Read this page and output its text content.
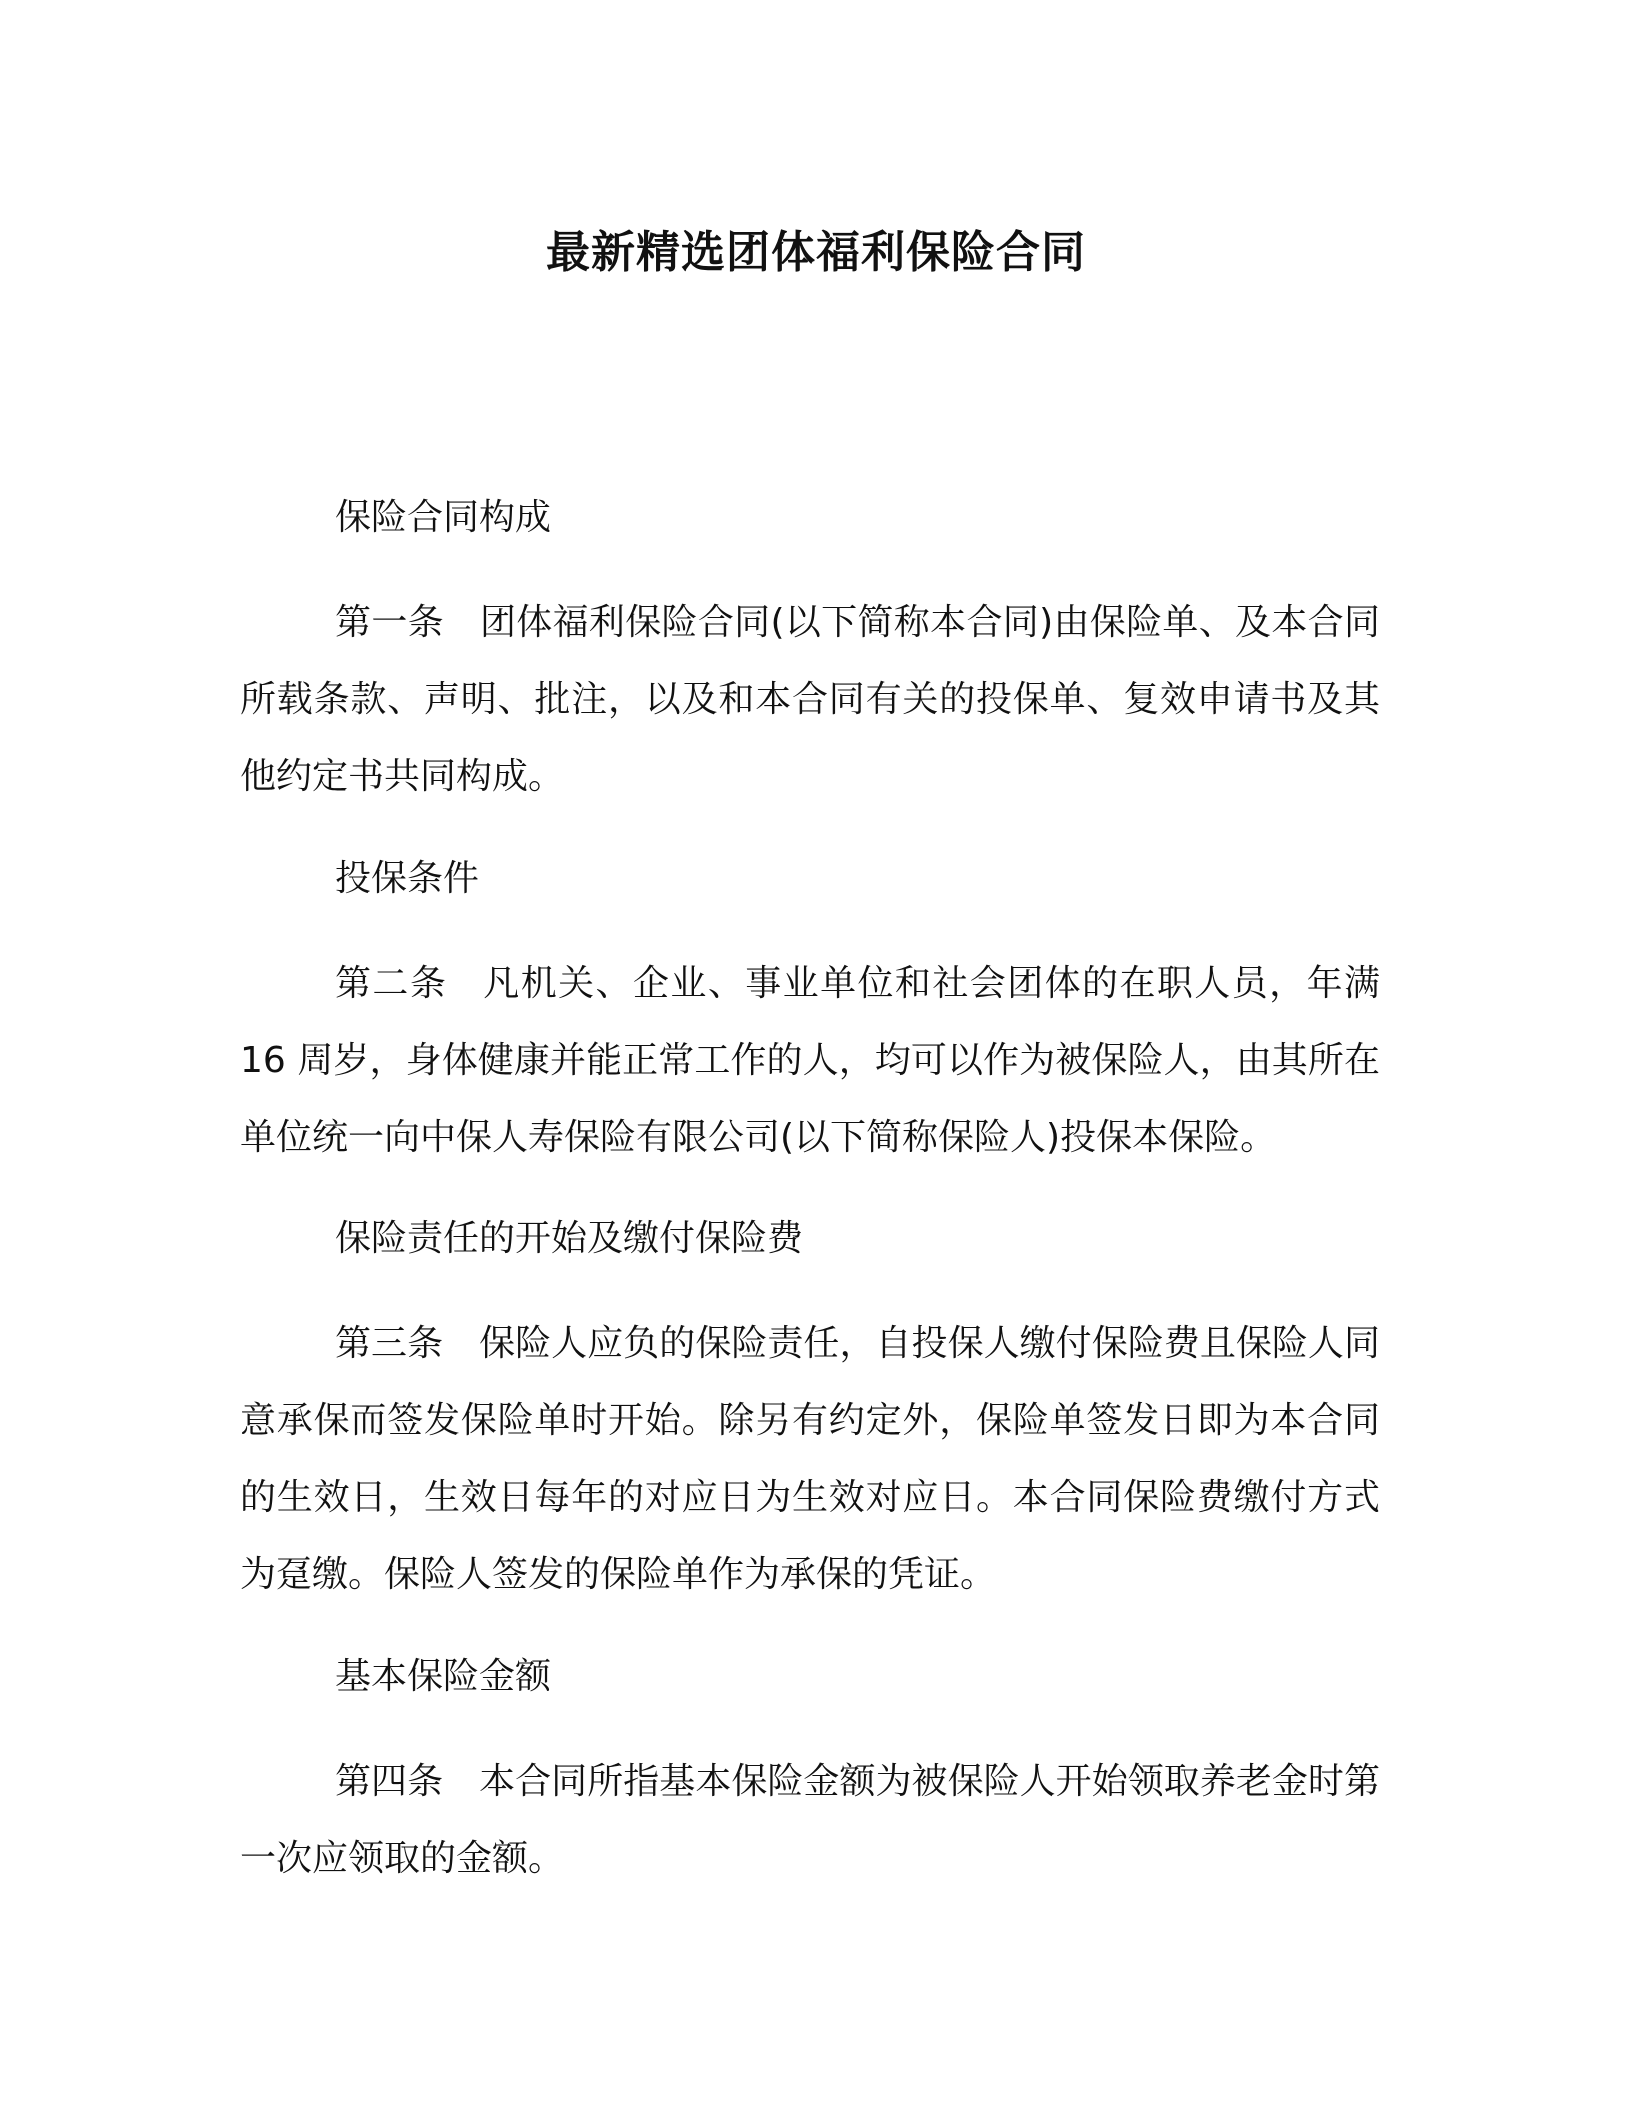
最新精选团体福利保险合同
保险合同构成
第一条 团体福利保险合同(以下简称本合同)由保险单、及本合同所载条款、声明、批注，以及和本合同有关的投保单、复效申请书及其他约定书共同构成。
投保条件
第二条 凡机关、企业、事业单位和社会团体的在职人员，年满16 周岁，身体健康并能正常工作的人，均可以作为被保险人，由其所在单位统一向中保人寿保险有限公司(以下简称保险人)投保本保险。
保险责任的开始及缴付保险费
第三条 保险人应负的保险责任，自投保人缴付保险费且保险人同意承保而签发保险单时开始。除另有约定外，保险单签发日即为本合同的生效日，生效日每年的对应日为生效对应日。本合同保险费缴付方式为趸缴。保险人签发的保险单作为承保的凭证。
基本保险金额
第四条 本合同所指基本保险金额为被保险人开始领取养老金时第一次应领取的金额。
